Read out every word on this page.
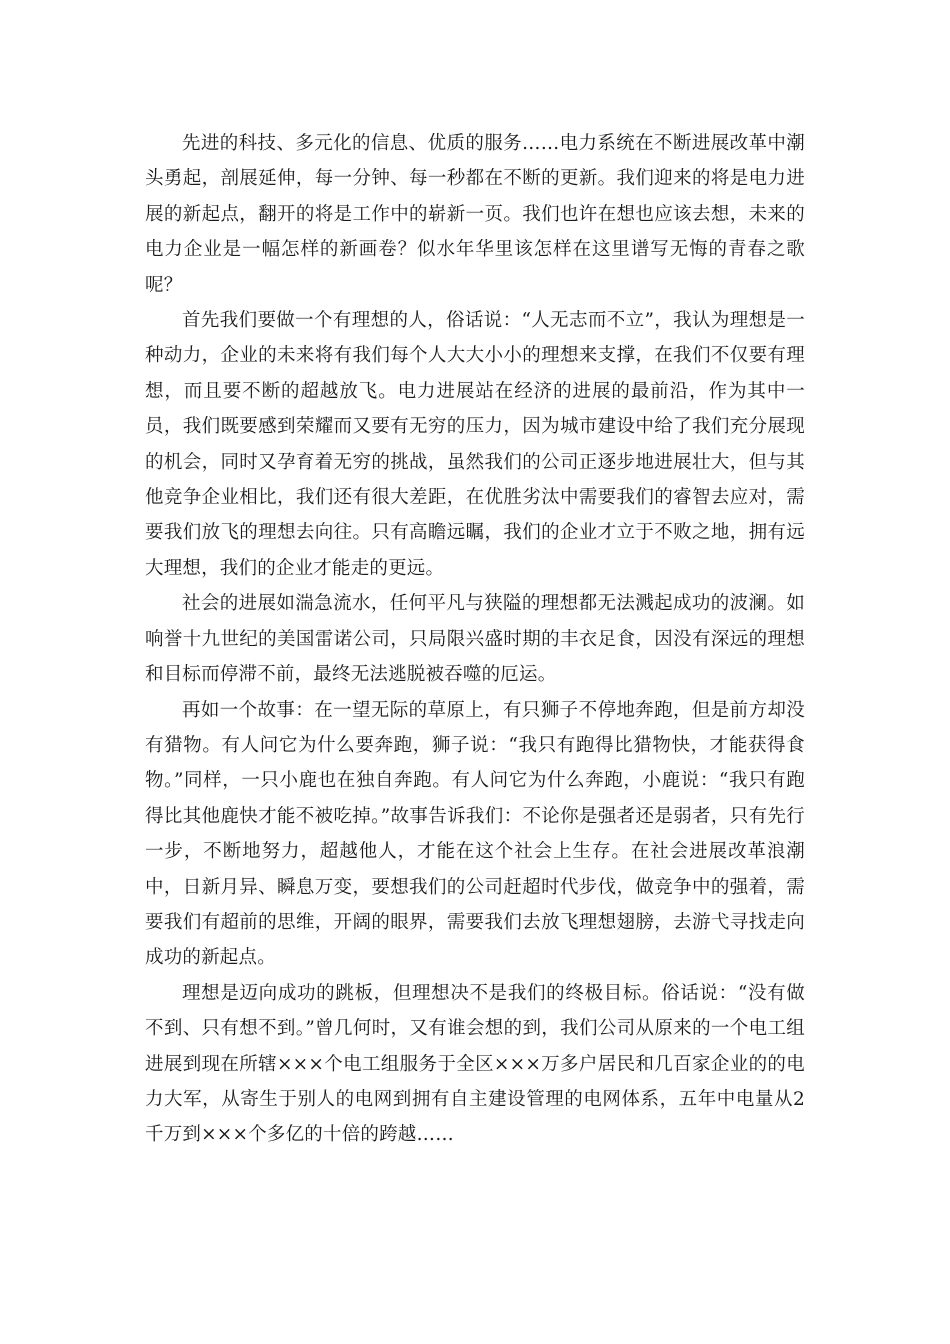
先进的科技、多元化的信息、优质的服务……电力系统在不断进展改革中潮头勇起，剖展延伸，每一分钟、每一秒都在不断的更新。我们迎来的将是电力进展的新起点，翻开的将是工作中的崭新一页。我们也许在想也应该去想，未来的电力企业是一幅怎样的新画卷？似水年华里该怎样在这里谱写无悔的青春之歌呢？

首先我们要做一个有理想的人，俗话说：“人无志而不立”，我认为理想是一种动力，企业的未来将有我们每个人大大小小的理想来支撑，在我们不仅要有理想，而且要不断的超越放飞。电力进展站在经济的进展的最前沿，作为其中一员，我们既要感到荣耀而又要有无穷的压力，因为城市建设中给了我们充分展现的机会，同时又孕育着无穷的挑战，虽然我们的公司正逐步地进展壮大，但与其他竞争企业相比，我们还有很大差距，在优胜劣汰中需要我们的睿智去应对，需要我们放飞的理想去向往。只有高瞻远瞩，我们的企业才立于不败之地，拥有远大理想，我们的企业才能走的更远。

社会的进展如湍急流水，任何平凡与狭隘的理想都无法溅起成功的波澜。如响誉十九世纪的美国雷诺公司，只局限兴盛时期的丰衣足食，因没有深远的理想和目标而停滞不前，最终无法逃脱被吞噬的厄运。

再如一个故事：在一望无际的草原上，有只狮子不停地奔跑，但是前方却没有猎物。有人问它为什么要奔跑，狮子说：“我只有跑得比猎物快，才能获得食物。”同样，一只小鹿也在独自奔跑。有人问它为什么奔跑，小鹿说：“我只有跑得比其他鹿快才能不被吃掉。”故事告诉我们：不论你是强者还是弱者，只有先行一步，不断地努力，超越他人，才能在这个社会上生存。在社会进展改革浪潮中，日新月异、瞬息万变，要想我们的公司赶超时代步伐，做竞争中的强着，需要我们有超前的思维，开阔的眼界，需要我们去放飞理想翅膀，去游弋寻找走向成功的新起点。

理想是迈向成功的跳板，但理想决不是我们的终极目标。俗话说：“没有做不到、只有想不到。”曾几何时，又有谁会想的到，我们公司从原来的一个电工组进展到现在所辖×××个电工组服务于全区×××万多户居民和几百家企业的的电力大军，从寄生于别人的电网到拥有自主建设管理的电网体系，五年中电量从2千万到×××个多亿的十倍的跨越……
